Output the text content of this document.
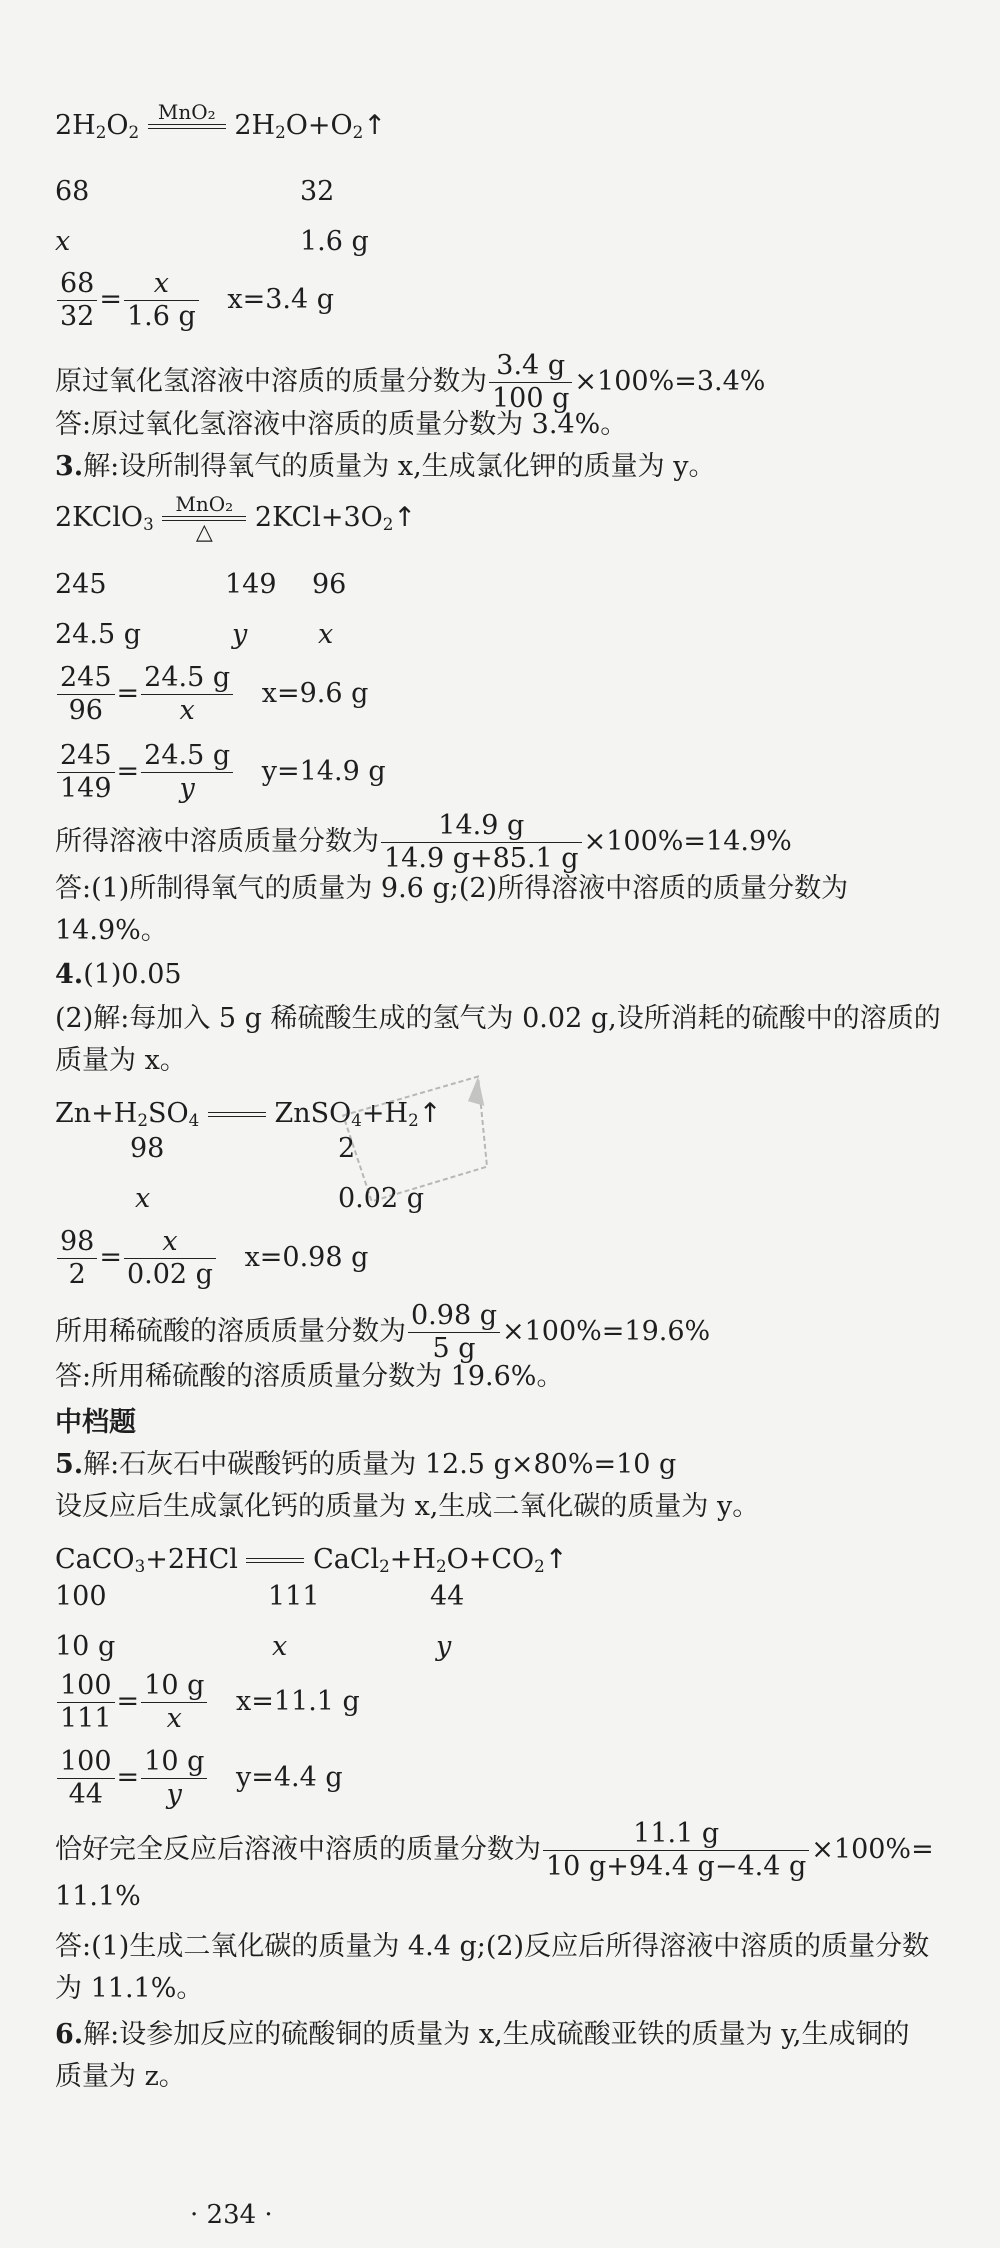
$2H_2O_2$
MnO₂ $2H_2O+O_2↑$
68	32
x	1.6 g
$\frac{68}{32} = \frac{x}{1.6 g} x=3.4$ g
原过氧化氢溶液中溶质的质量分数为 $\frac{3.4 g}{100 g} \times 100\%=3.4\%$
答:原过氧化氢溶液中溶质的质量分数为 3.4%。
3.解:设所制得氧气的质量为 x,生成氯化钾的质量为 y。
2KClO$_3$
MnO₂
△	$2KCl+3O_2↑$
245	149 96
24.5 g	y	x
$\frac{245}{96} = \frac{24.5 g}{x} x=9.6$ g
$\frac{245}{149} = \frac{24.5 g}{y} y=14.9$ g
所得溶液中溶质质量分数为 $\frac{14.9 g}{14.9 g+85.1 g} \times 100\%=14.9\%$
答:(1)所制得氧气的质量为 9.6 g;(2)所得溶液中溶质的质量分数为
14.9%。
4.(1)0.05
(2)解:每加入 5 g 稀硫酸生成的氢气为 0.02 g,设所消耗的硫酸中的溶质的
质量为 x。
$Zn+H_2SO_4$	$ZnSO_4+H_2↑$
98	2
x	0.02 g
$\frac{98}{2} = \frac{x}{0.02 g} x=0.98$ g
所用稀硫酸的溶质质量分数为 $\frac{0.98 g}{5 g} \times 100\%=19.6\%$
答:所用稀硫酸的溶质质量分数为 19.6%。
中档题
5.解:石灰石中碳酸钙的质量为 12.5 g×80%=10 g
设反应后生成氯化钙的质量为 x,生成二氧化碳的质量为 y。
CaCO$_3$+2HCl	$CaCl_2+H_2O+CO_2↑$
100	111	44
10 g	x	y
$\frac{100}{111} = \frac{10 g}{x} x=11.1$ g
$\frac{100}{44} = \frac{10 g}{y} y=4.4$ g
恰好完全反应后溶液中溶质的质量分数为 $\frac{11.1 g}{10 g+94.4 g-4.4 g} \times 100\%=$
11.1%
答:(1)生成二氧化碳的质量为 4.4 g;(2)反应后所得溶液中溶质的质量分数
为 11.1%。
6.解:设参加反应的硫酸铜的质量为 x,生成硫酸亚铁的质量为 y,生成铜的
质量为 z。
· 234 ·
